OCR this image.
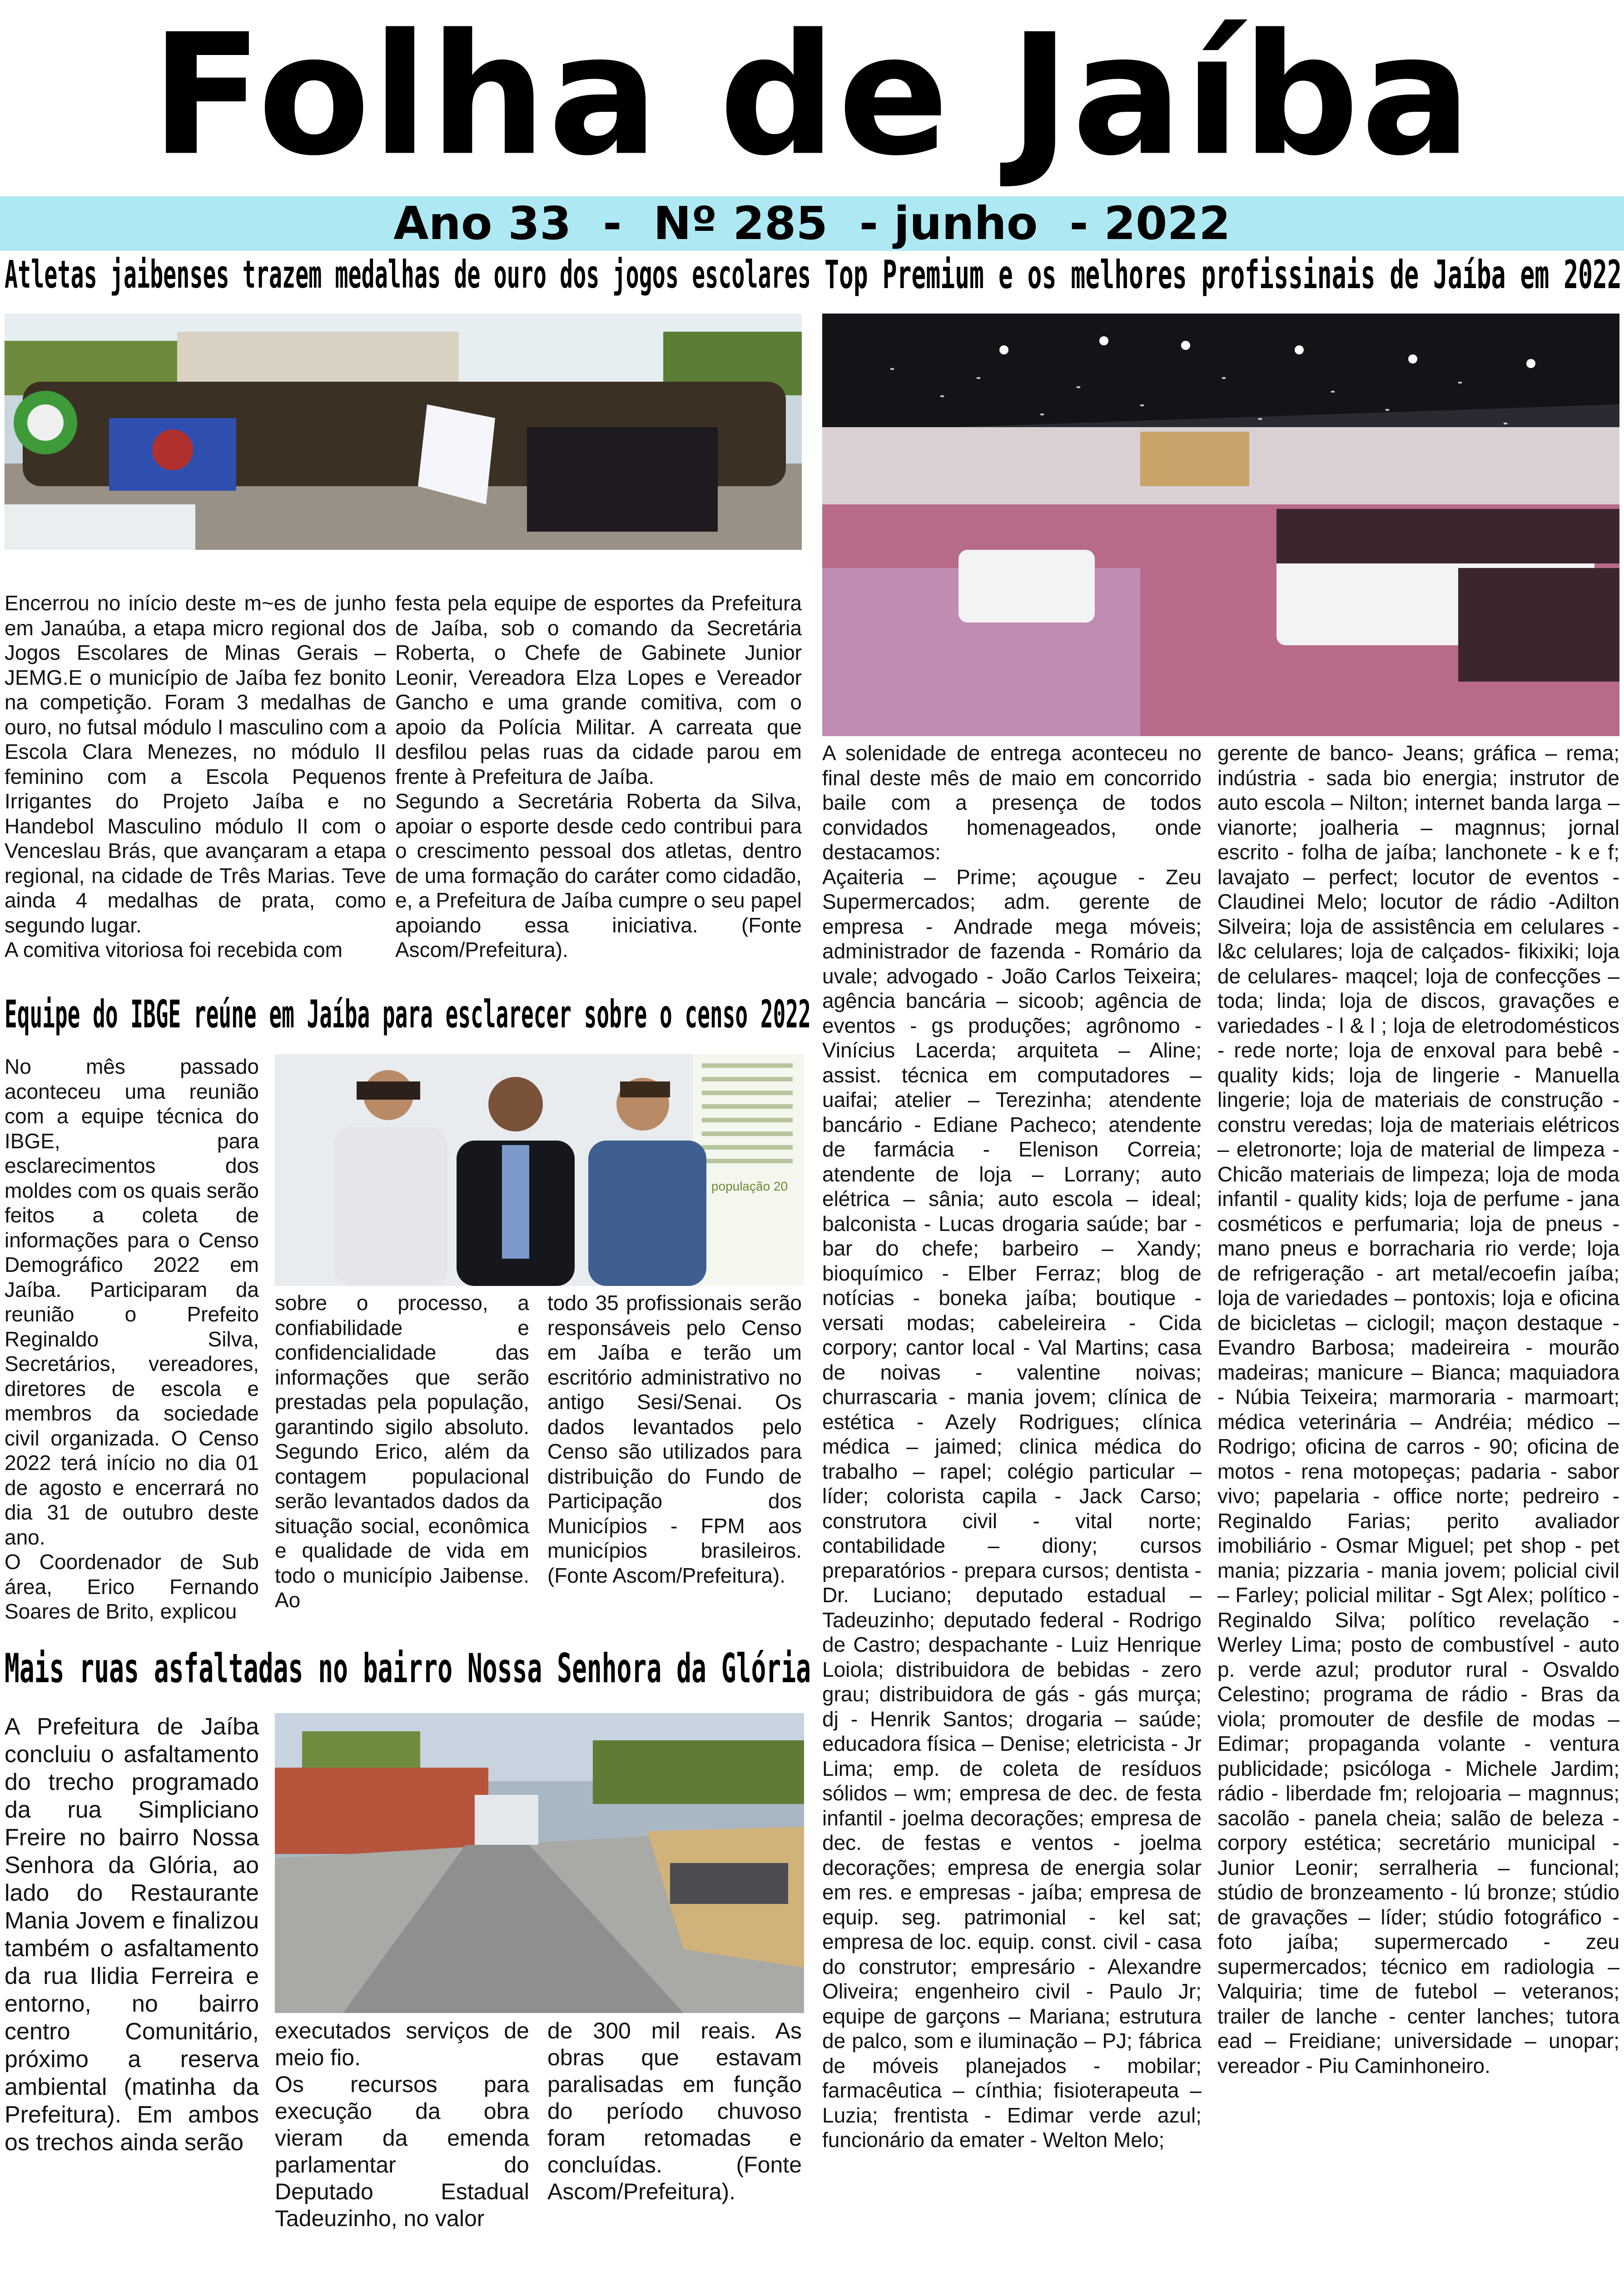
Folha de Jaíba
Ano 33  -  Nº 285  - junho  - 2022
Atletas jaibenses trazem medalhas de ouro dos jogos escolares

Encerrou no início deste m~es de junho em Janaúba, a etapa micro regional dos Jogos Escolares de Minas Gerais – JEMG.E o município de Jaíba fez bonito na competição. Foram 3 medalhas de ouro, no futsal módulo I masculino com a Escola Clara Menezes, no módulo II feminino com a Escola Pequenos Irrigantes do Projeto Jaíba e no Handebol Masculino módulo II com o Venceslau Brás, que avançaram a etapa regional, na cidade de Três Marias. Teve ainda 4 medalhas de prata, como segundo lugar.

A comitiva vitoriosa foi recebida com

festa pela equipe de esportes da Prefeitura de Jaíba, sob o comando da Secretária Roberta, o Chefe de Gabinete Junior Leonir, Vereadora Elza Lopes e Vereador Gancho e uma grande comitiva, com o apoio da Polícia Militar. A carreata que desfilou pelas ruas da cidade parou em frente à Prefeitura de Jaíba.

Segundo a Secretária Roberta da Silva, apoiar o esporte desde cedo contribui para o crescimento pessoal dos atletas, dentro de uma formação do caráter como cidadão, e, a Prefeitura de Jaíba cumpre o seu papel apoiando essa iniciativa. (Fonte Ascom/Prefeitura).

Top Premium e os melhores profissinais de Jaíba em 2022

A solenidade de entrega aconteceu no final deste mês de maio em concorrido baile com a presença de todos convidados homenageados, onde destacamos:

Açaiteria – Prime; açougue - Zeu Supermercados; adm. gerente de empresa - Andrade mega móveis; administrador de fazenda - Romário da uvale; advogado - João Carlos Teixeira; agência bancária – sicoob; agência de eventos - gs produções; agrônomo - Vinícius Lacerda; arquiteta – Aline; assist. técnica em computadores – uaifai; atelier – Terezinha; atendente bancário - Ediane Pacheco; atendente de farmácia - Elenison Correia; atendente de loja – Lorrany; auto elétrica – sânia; auto escola – ideal; balconista - Lucas drogaria saúde; bar - bar do chefe; barbeiro – Xandy; bioquímico - Elber Ferraz; blog de notícias - boneka jaíba; boutique - versati modas; cabeleireira - Cida corpory; cantor local - Val Martins; casa de noivas - valentine noivas; churrascaria - mania jovem; clínica de estética - Azely Rodrigues; clínica médica – jaimed; clinica médica do trabalho – rapel; colégio particular – líder; colorista capila - Jack Carso; construtora civil - vital norte; contabilidade – diony; cursos preparatórios - prepara cursos; dentista - Dr. Luciano; deputado estadual – Tadeuzinho; deputado federal - Rodrigo de Castro; despachante - Luiz Henrique Loiola; distribuidora de bebidas - zero grau; distribuidora de gás - gás murça; dj - Henrik Santos; drogaria – saúde; educadora física – Denise; eletricista - Jr Lima; emp. de coleta de resíduos sólidos – wm; empresa de dec. de festa infantil - joelma decorações; empresa de dec. de festas e ventos - joelma decorações; empresa de energia solar em res. e empresas - jaíba; empresa de equip. seg. patrimonial - kel sat; empresa de loc. equip. const. civil - casa do construtor; empresário - Alexandre Oliveira; engenheiro civil - Paulo Jr; equipe de garçons – Mariana; estrutura de palco, som e iluminação – PJ; fábrica de móveis planejados - mobilar; farmacêutica – cínthia; fisioterapeuta – Luzia; frentista - Edimar verde azul; funcionário da emater - Welton Melo;

gerente de banco- Jeans; gráfica – rema; indústria - sada bio energia; instrutor de auto escola – Nilton; internet banda larga – vianorte; joalheria – magnnus; jornal escrito - folha de jaíba; lanchonete - k e f; lavajato – perfect; locutor de eventos - Claudinei Melo; locutor de rádio -Adilton Silveira; loja de assistência em celulares - l&c celulares; loja de calçados- fikixiki; loja de celulares- maqcel; loja de confecções – toda; linda; loja de discos, gravações e variedades - l & l ; loja de eletrodomésticos - rede norte; loja de enxoval para bebê - quality kids; loja de lingerie - Manuella lingerie; loja de materiais de construção - constru veredas; loja de materiais elétricos – eletronorte; loja de material de limpeza - Chicão materiais de limpeza; loja de moda infantil - quality kids; loja de perfume - jana cosméticos e perfumaria; loja de pneus - mano pneus e borracharia rio verde; loja de refrigeração - art metal/ecoefin jaíba; loja de variedades – pontoxis; loja e oficina de bicicletas – ciclogil; maçon destaque - Evandro Barbosa; madeireira - mourão madeiras; manicure – Bianca; maquiadora - Núbia Teixeira; marmoraria - marmoart; médica veterinária – Andréia; médico – Rodrigo; oficina de carros - 90; oficina de motos - rena motopeças; padaria - sabor vivo; papelaria - office norte; pedreiro - Reginaldo Farias; perito avaliador imobiliário - Osmar Miguel; pet shop - pet mania; pizzaria - mania jovem; policial civil – Farley; policial militar - Sgt Alex; político - Reginaldo Silva; político revelação - Werley Lima; posto de combustível - auto p. verde azul; produtor rural - Osvaldo Celestino; programa de rádio - Bras da viola; promouter de desfile de modas – Edimar; propaganda volante - ventura publicidade; psicóloga - Michele Jardim; rádio - liberdade fm; relojoaria – magnnus; sacolão - panela cheia; salão de beleza - corpory estética; secretário municipal - Junior Leonir; serralheria – funcional; stúdio de bronzeamento - lú bronze; stúdio de gravações – líder; stúdio fotográfico - foto jaíba; supermercado - zeu supermercados; técnico em radiologia – Valquiria; time de futebol – veteranos; trailer de lanche - center lanches; tutora ead – Freidiane; universidade – unopar; vereador - Piu Caminhoneiro.

Equipe do IBGE reúne em Jaíba para esclarecer sobre o censo 2022

No mês passado aconteceu uma reunião com a equipe técnica do IBGE, para esclarecimentos dos moldes com os quais serão feitos a coleta de informações para o Censo Demográfico 2022 em Jaíba. Participaram da reunião o Prefeito Reginaldo Silva, Secretários, vereadores, diretores de escola e membros da sociedade civil organizada. O Censo 2022 terá início no dia 01 de agosto e encerrará no dia 31 de outubro deste ano.

O Coordenador de Sub área, Erico Fernando Soares de Brito, explicou

população 20

sobre o processo, a confiabilidade e confidencialidade das informações que serão prestadas pela população, garantindo sigilo absoluto. Segundo Erico, além da contagem populacional serão levantados dados da situação social, econômica e qualidade de vida em todo o município Jaibense. Ao

todo 35 profissionais serão responsáveis pelo Censo em Jaíba e terão um escritório administrativo no antigo Sesi/Senai. Os dados levantados pelo Censo são utilizados para distribuição do Fundo de Participação dos Municípios - FPM aos municípios brasileiros. (Fonte Ascom/Prefeitura).

Mais ruas asfaltadas no bairro Nossa Senhora da Glória

A Prefeitura de Jaíba concluiu o asfaltamento do trecho programado da rua Simpliciano Freire no bairro Nossa Senhora da Glória, ao lado do Restaurante Mania Jovem e finalizou também o asfaltamento da rua Ilidia Ferreira e entorno, no bairro centro Comunitário, próximo a reserva ambiental (matinha da Prefeitura). Em ambos os trechos ainda serão

executados serviços de meio fio.

Os recursos para execução da obra vieram da emenda parlamentar do Deputado Estadual Tadeuzinho, no valor

de 300 mil reais. As obras que estavam paralisadas em função do período chuvoso foram retomadas e concluídas. (Fonte Ascom/Prefeitura).
